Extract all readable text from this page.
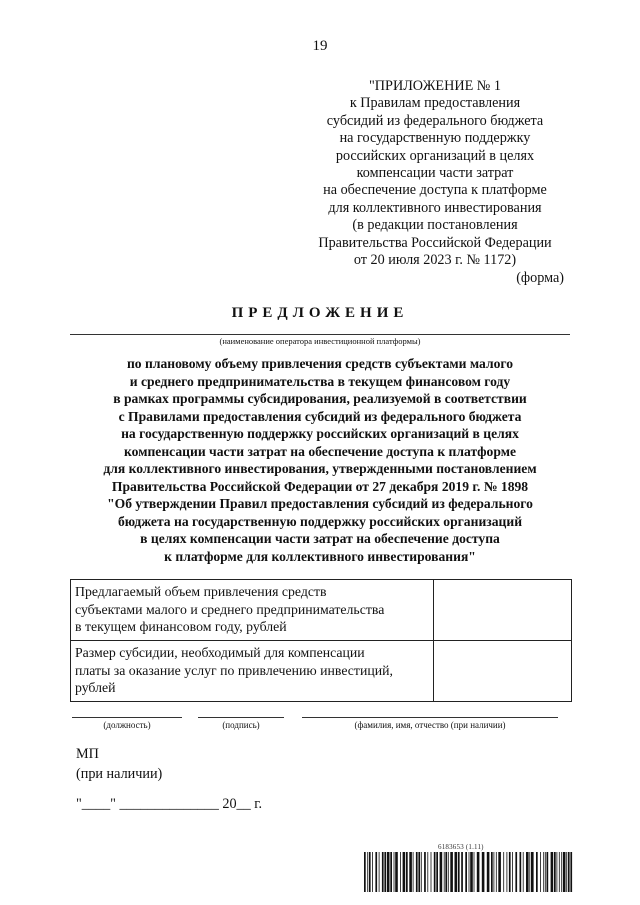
19
"ПРИЛОЖЕНИЕ № 1
к Правилам предоставления
субсидий из федерального бюджета
на государственную поддержку
российских организаций в целях
компенсации части затрат
на обеспечение доступа к платформе
для коллективного инвестирования
(в редакции постановления
Правительства Российской Федерации
от 20 июля 2023 г. № 1172)
(форма)
ПРЕДЛОЖЕНИЕ
(наименование оператора инвестиционной платформы)
по плановому объему привлечения средств субъектами малого
и среднего предпринимательства в текущем финансовом году
в рамках программы субсидирования, реализуемой в соответствии
с Правилами предоставления субсидий из федерального бюджета
на государственную поддержку российских организаций в целях
компенсации части затрат на обеспечение доступа к платформе
для коллективного инвестирования, утвержденными постановлением
Правительства Российской Федерации от 27 декабря 2019 г. № 1898
"Об утверждении Правил предоставления субсидий из федерального
бюджета на государственную поддержку российских организаций
в целях компенсации части затрат на обеспечение доступа
к платформе для коллективного инвестирования"
Предлагаемый объем привлечения средств
субъектами малого и среднего предпринимательства
в текущем финансовом году, рублей	

Размер субсидии, необходимый для компенсации
платы за оказание услуг по привлечению инвестиций,
рублей	

(должность)	(подпись)	(фамилия, имя, отчество (при наличии)
МП
(при наличии)
"____" ______________ 20__ г.
6183653 (1.11)
